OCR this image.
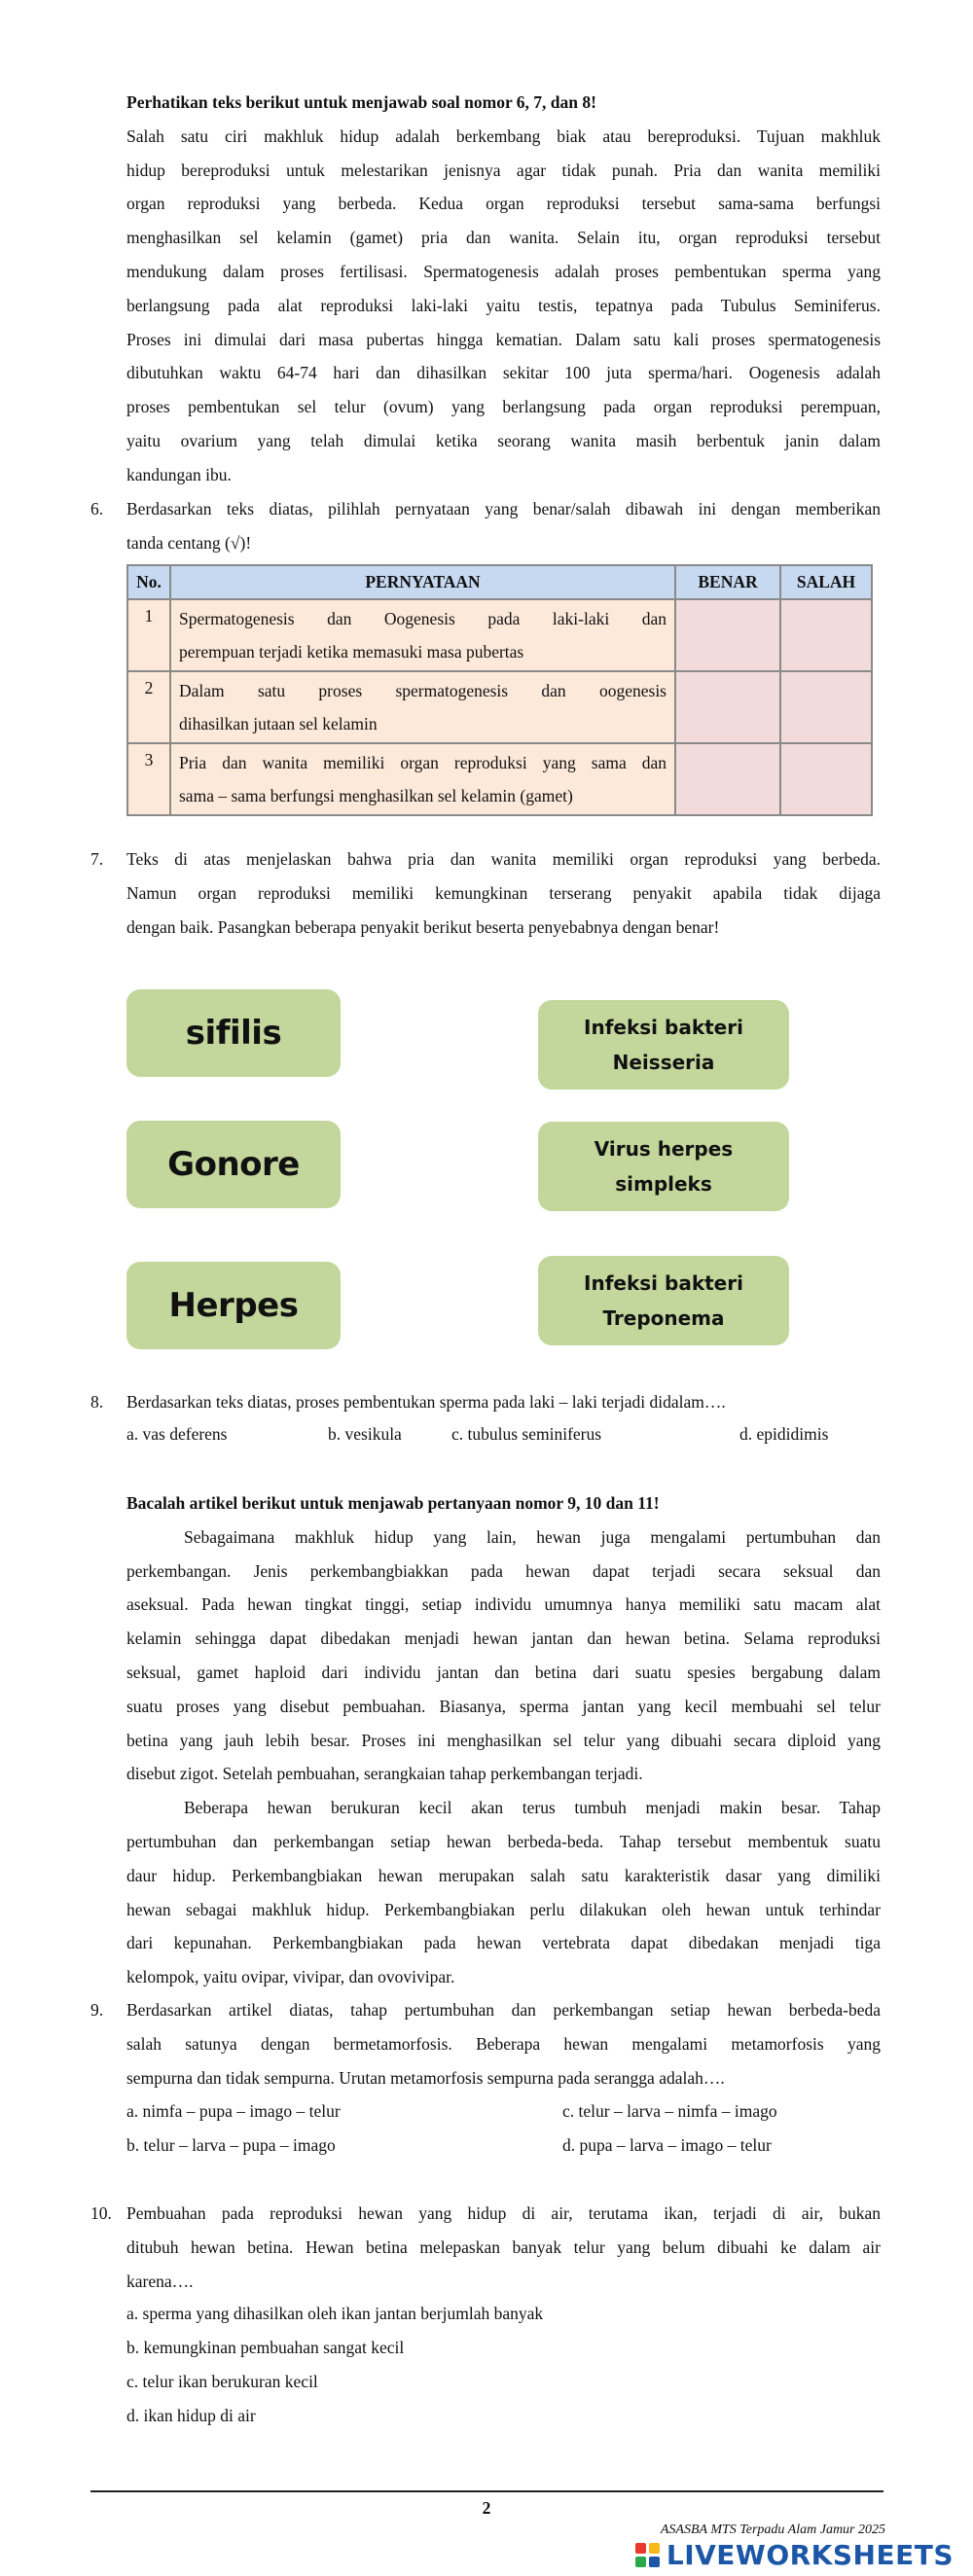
Perhatikan teks berikut untuk menjawab soal nomor 6, 7, dan 8!
Salah satu ciri makhluk hidup adalah berkembang biak atau bereproduksi. Tujuan makhluk
hidup bereproduksi untuk melestarikan jenisnya agar tidak punah. Pria dan wanita memiliki
organ reproduksi yang berbeda. Kedua organ reproduksi tersebut sama-sama berfungsi
menghasilkan sel kelamin (gamet) pria dan wanita. Selain itu, organ reproduksi tersebut
mendukung dalam proses fertilisasi. Spermatogenesis adalah proses pembentukan sperma yang
berlangsung pada alat reproduksi laki-laki yaitu testis, tepatnya pada Tubulus Seminiferus.
Proses ini dimulai dari masa pubertas hingga kematian. Dalam satu kali proses spermatogenesis
dibutuhkan waktu 64-74 hari dan dihasilkan sekitar 100 juta sperma/hari. Oogenesis adalah
proses pembentukan sel telur (ovum) yang berlangsung pada organ reproduksi perempuan,
yaitu ovarium yang telah dimulai ketika seorang wanita masih berbentuk janin dalam
kandungan ibu.
6. Berdasarkan teks diatas, pilihlah pernyataan yang benar/salah dibawah ini dengan memberikan
tanda centang (√)!
No.	PERNYATAAN	BENAR	SALAH
1	Spermatogenesis dan Oogenesis pada laki-laki dan
perempuan terjadi ketika memasuki masa pubertas		

2	Dalam satu proses spermatogenesis dan oogenesis
dihasilkan jutaan sel kelamin		

3	Pria dan wanita memiliki organ reproduksi yang sama dan
sama – sama berfungsi menghasilkan sel kelamin (gamet)		

7. Teks di atas menjelaskan bahwa pria dan wanita memiliki organ reproduksi yang berbeda.
Namun organ reproduksi memiliki kemungkinan terserang penyakit apabila tidak dijaga
dengan baik. Pasangkan beberapa penyakit berikut beserta penyebabnya dengan benar!
sifilis
Gonore
Herpes
Infeksi bakteri
Neisseria
Virus herpes
simpleks
Infeksi bakteri
Treponema
8. Berdasarkan teks diatas, proses pembentukan sperma pada laki – laki terjadi didalam….
a. vas deferens	b. vesikula	c. tubulus seminiferus	d. epididimis
Bacalah artikel berikut untuk menjawab pertanyaan nomor 9, 10 dan 11!
Sebagaimana makhluk hidup yang lain, hewan juga mengalami pertumbuhan dan
perkembangan. Jenis perkembangbiakkan pada hewan dapat terjadi secara seksual dan
aseksual. Pada hewan tingkat tinggi, setiap individu umumnya hanya memiliki satu macam alat
kelamin sehingga dapat dibedakan menjadi hewan jantan dan hewan betina. Selama reproduksi
seksual, gamet haploid dari individu jantan dan betina dari suatu spesies bergabung dalam
suatu proses yang disebut pembuahan. Biasanya, sperma jantan yang kecil membuahi sel telur
betina yang jauh lebih besar. Proses ini menghasilkan sel telur yang dibuahi secara diploid yang
disebut zigot. Setelah pembuahan, serangkaian tahap perkembangan terjadi.
Beberapa hewan berukuran kecil akan terus tumbuh menjadi makin besar. Tahap
pertumbuhan dan perkembangan setiap hewan berbeda-beda. Tahap tersebut membentuk suatu
daur hidup. Perkembangbiakan hewan merupakan salah satu karakteristik dasar yang dimiliki
hewan sebagai makhluk hidup. Perkembangbiakan perlu dilakukan oleh hewan untuk terhindar
dari kepunahan. Perkembangbiakan pada hewan vertebrata dapat dibedakan menjadi tiga
kelompok, yaitu ovipar, vivipar, dan ovovivipar.
9. Berdasarkan artikel diatas, tahap pertumbuhan dan perkembangan setiap hewan berbeda-beda
salah satunya dengan bermetamorfosis. Beberapa hewan mengalami metamorfosis yang
sempurna dan tidak sempurna. Urutan metamorfosis sempurna pada serangga adalah….
a. nimfa – pupa – imago – telur	c. telur – larva – nimfa – imago
b. telur – larva – pupa – imago	d. pupa – larva – imago – telur
10. Pembuahan pada reproduksi hewan yang hidup di air, terutama ikan, terjadi di air, bukan
ditubuh hewan betina. Hewan betina melepaskan banyak telur yang belum dibuahi ke dalam air
karena….
a. sperma yang dihasilkan oleh ikan jantan berjumlah banyak
b. kemungkinan pembuahan sangat kecil
c. telur ikan berukuran kecil
d. ikan hidup di air
2
ASASBA MTS Terpadu Alam Jamur 2025
LIVEWORKSHEETS
